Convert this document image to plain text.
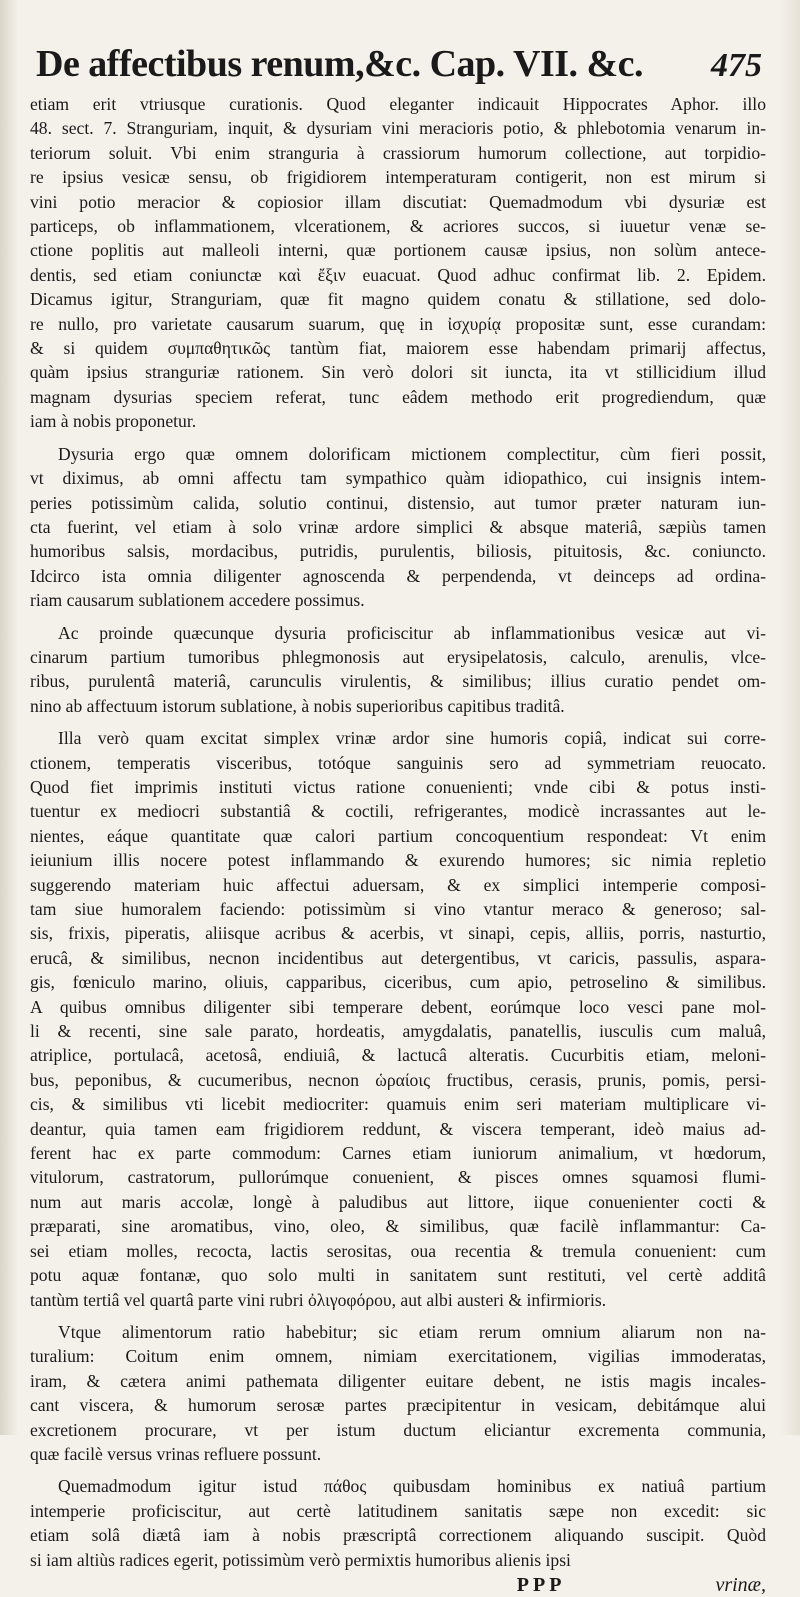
De affectibus renum,&c. Cap. VII. &c. 475
etiam erit vtriusque curationis. Quod eleganter indicauit Hippocrates Aphor. illo
48. sect. 7. Stranguriam, inquit, & dysuriam vini meracioris potio, & phlebotomia venarum in-
teriorum soluit. Vbi enim stranguria à crassiorum humorum collectione, aut torpidio-
re ipsius vesicæ sensu, ob frigidiorem intemperaturam contigerit, non est mirum si
vini potio meracior & copiosior illam discutiat: Quemadmodum vbi dysuriæ est
particeps, ob inflammationem, vlcerationem, & acriores succos, si iuuetur venæ se-
ctione poplitis aut malleoli interni, quæ portionem causæ ipsius, non solùm antece-
dentis, sed etiam coniunctæ καὶ ἔξιν euacuat. Quod adhuc confirmat lib. 2. Epidem.
Dicamus igitur, Stranguriam, quæ fit magno quidem conatu & stillatione, sed dolo-
re nullo, pro varietate causarum suarum, quę in ἰσχυρίᾳ propositæ sunt, esse curandam:
& si quidem συμπαθητικῶς tantùm fiat, maiorem esse habendam primarij affectus,
quàm ipsius stranguriæ rationem. Sin verò dolori sit iuncta, ita vt stillicidium illud
magnam dysurias speciem referat, tunc eâdem methodo erit progrediendum, quæ
iam à nobis proponetur.
Dysuria ergo quæ omnem dolorificam mictionem complectitur, cùm fieri possit,
vt diximus, ab omni affectu tam sympathico quàm idiopathico, cui insignis intem-
peries potissimùm calida, solutio continui, distensio, aut tumor præter naturam iun-
cta fuerint, vel etiam à solo vrinæ ardore simplici & absque materiâ, sæpiùs tamen
humoribus salsis, mordacibus, putridis, purulentis, biliosis, pituitosis, &c. coniuncto.
Idcirco ista omnia diligenter agnoscenda & perpendenda, vt deinceps ad ordina-
riam causarum sublationem accedere possimus.
Ac proinde quæcunque dysuria proficiscitur ab inflammationibus vesicæ aut vi-
cinarum partium tumoribus phlegmonosis aut erysipelatosis, calculo, arenulis, vlce-
ribus, purulentâ materiâ, carunculis virulentis, & similibus; illius curatio pendet om-
nino ab affectuum istorum sublatione, à nobis superioribus capitibus traditâ.
Illa verò quam excitat simplex vrinæ ardor sine humoris copiâ, indicat sui corre-
ctionem, temperatis visceribus, totóque sanguinis sero ad symmetriam reuocato.
Quod fiet imprimis instituti victus ratione conuenienti; vnde cibi & potus insti-
tuentur ex mediocri substantiâ & coctili, refrigerantes, modicè incrassantes aut le-
nientes, eáque quantitate quæ calori partium concoquentium respondeat: Vt enim
ieiunium illis nocere potest inflammando & exurendo humores; sic nimia repletio
suggerendo materiam huic affectui aduersam, & ex simplici intemperie composi-
tam siue humoralem faciendo: potissimùm si vino vtantur meraco & generoso; sal-
sis, frixis, piperatis, aliisque acribus & acerbis, vt sinapi, cepis, alliis, porris, nasturtio,
erucâ, & similibus, necnon incidentibus aut detergentibus, vt caricis, passulis, aspara-
gis, fœniculo marino, oliuis, capparibus, ciceribus, cum apio, petroselino & similibus.
A quibus omnibus diligenter sibi temperare debent, eorúmque loco vesci pane mol-
li & recenti, sine sale parato, hordeatis, amygdalatis, panatellis, iusculis cum maluâ,
atriplice, portulacâ, acetosâ, endiuiâ, & lactucâ alteratis. Cucurbitis etiam, meloni-
bus, peponibus, & cucumeribus, necnon ὡραίοις fructibus, cerasis, prunis, pomis, persi-
cis, & similibus vti licebit mediocriter: quamuis enim seri materiam multiplicare vi-
deantur, quia tamen eam frigidiorem reddunt, & viscera temperant, ideò maius ad-
ferent hac ex parte commodum: Carnes etiam iuniorum animalium, vt hœdorum,
vitulorum, castratorum, pullorúmque conuenient, & pisces omnes squamosi flumi-
num aut maris accolæ, longè à paludibus aut littore, iique conuenienter cocti &
præparati, sine aromatibus, vino, oleo, & similibus, quæ facilè inflammantur: Ca-
sei etiam molles, recocta, lactis serositas, oua recentia & tremula conuenient: cum
potu aquæ fontanæ, quo solo multi in sanitatem sunt restituti, vel certè additâ
tantùm tertiâ vel quartâ parte vini rubri ὀλιγοφόρου, aut albi austeri & infirmioris.
Vtque alimentorum ratio habebitur; sic etiam rerum omnium aliarum non na-
turalium: Coitum enim omnem, nimiam exercitationem, vigilias immoderatas,
iram, & cætera animi pathemata diligenter euitare debent, ne istis magis incales-
cant viscera, & humorum serosæ partes præcipitentur in vesicam, debitámque alui
excretionem procurare, vt per istum ductum eliciantur excrementa communia,
quæ facilè versus vrinas refluere possunt.
Quemadmodum igitur istud πάθος quibusdam hominibus ex natiuâ partium
intemperie proficiscitur, aut certè latitudinem sanitatis sæpe non excedit: sic
etiam solâ diætâ iam à nobis præscriptâ correctionem aliquando suscipit. Quòd
si iam altiùs radices egerit, potissimùm verò permixtis humoribus alienis ipsi
PPP	vrinæ,
